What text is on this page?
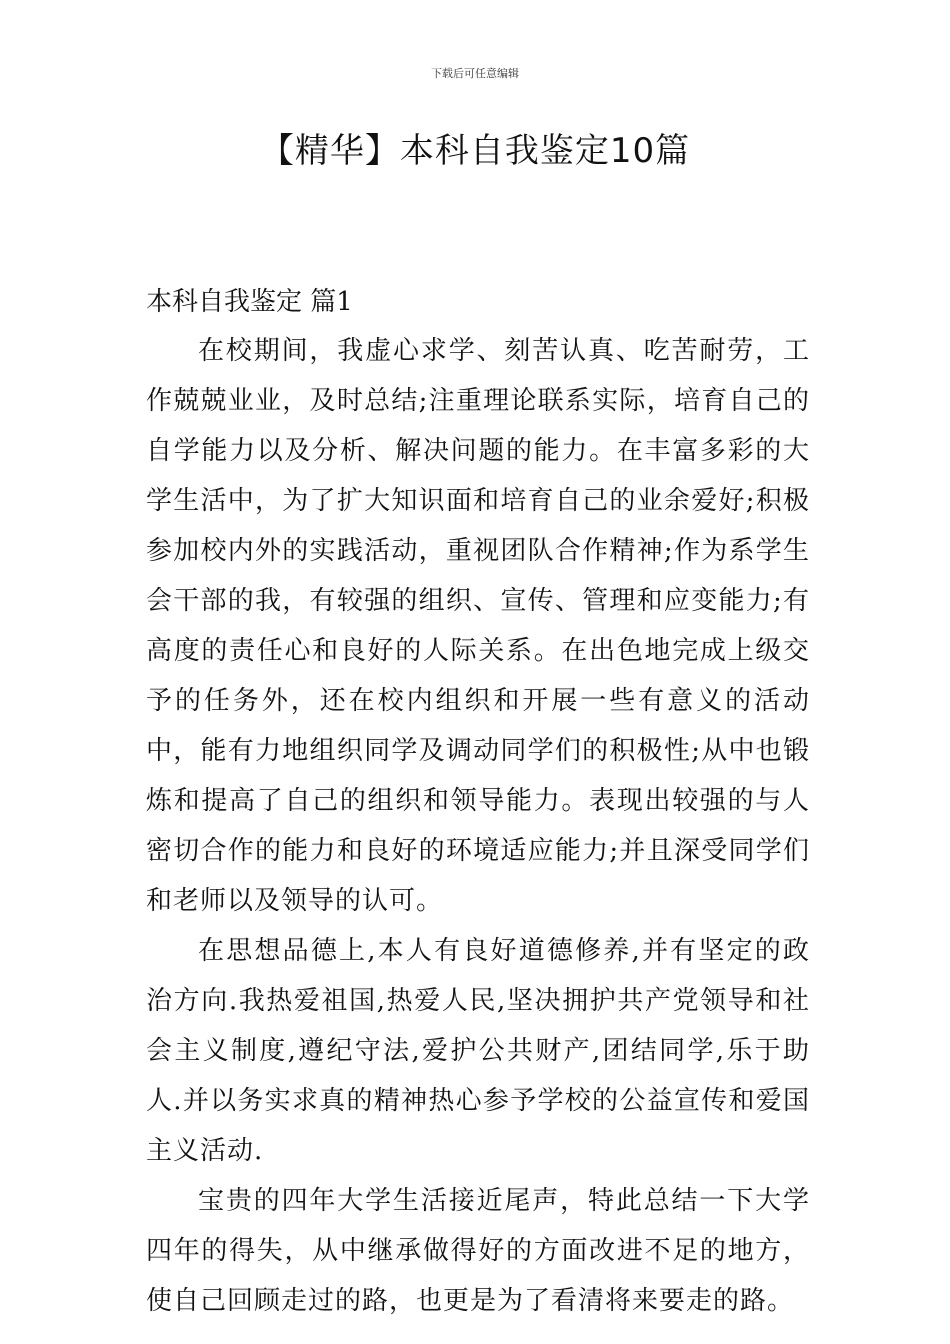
下载后可任意编辑
【精华】本科自我鉴定10篇
本科自我鉴定 篇1

在校期间，我虚心求学、刻苦认真、吃苦耐劳，工作兢兢业业，及时总结;注重理论联系实际，培育自己的自学能力以及分析、解决问题的能力。在丰富多彩的大学生活中，为了扩大知识面和培育自己的业余爱好;积极参加校内外的实践活动，重视团队合作精神;作为系学生会干部的我，有较强的组织、宣传、管理和应变能力;有高度的责任心和良好的人际关系。在出色地完成上级交予的任务外，还在校内组织和开展一些有意义的活动中，能有力地组织同学及调动同学们的积极性;从中也锻炼和提高了自己的组织和领导能力。表现出较强的与人密切合作的能力和良好的环境适应能力;并且深受同学们和老师以及领导的认可。

在思想品德上,本人有良好道德修养,并有坚定的政治方向.我热爱祖国,热爱人民,坚决拥护共产党领导和社会主义制度,遵纪守法,爱护公共财产,团结同学,乐于助人.并以务实求真的精神热心参予学校的公益宣传和爱国主义活动.

宝贵的四年大学生活接近尾声，特此总结一下大学四年的得失，从中继承做得好的方面改进不足的地方，使自己回顾走过的路，也更是为了看清将来要走的路。
